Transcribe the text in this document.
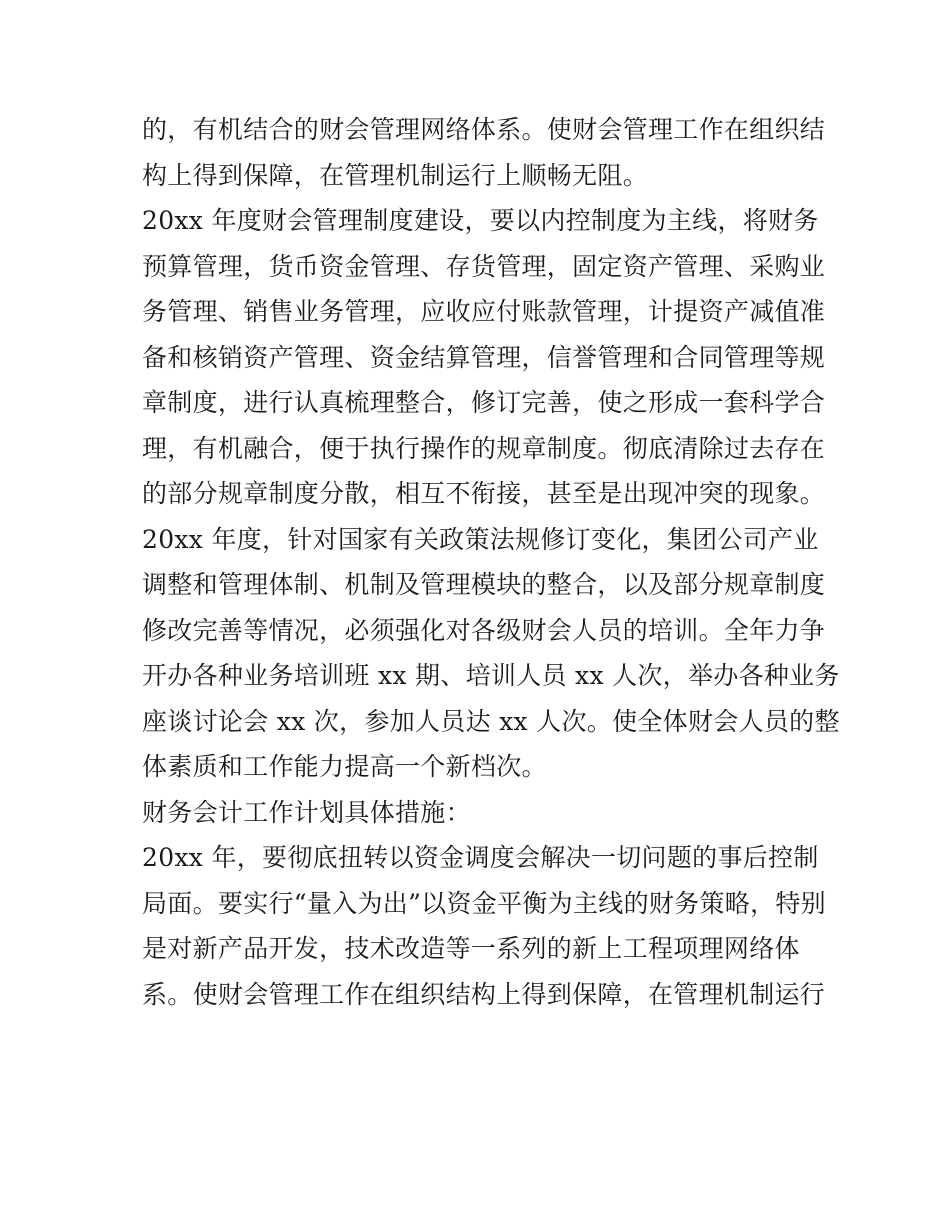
的，有机结合的财会管理网络体系。使财会管理工作在组织结
构上得到保障，在管理机制运行上顺畅无阻。
20xx 年度财会管理制度建设，要以内控制度为主线，将财务
预算管理，货币资金管理、存货管理，固定资产管理、采购业
务管理、销售业务管理，应收应付账款管理，计提资产减值准
备和核销资产管理、资金结算管理，信誉管理和合同管理等规
章制度，进行认真梳理整合，修订完善，使之形成一套科学合
理，有机融合，便于执行操作的规章制度。彻底清除过去存在
的部分规章制度分散，相互不衔接，甚至是出现冲突的现象。
20xx 年度，针对国家有关政策法规修订变化，集团公司产业
调整和管理体制、机制及管理模块的整合，以及部分规章制度
修改完善等情况，必须强化对各级财会人员的培训。全年力争
开办各种业务培训班 xx 期、培训人员 xx 人次，举办各种业务
座谈讨论会 xx 次，参加人员达 xx 人次。使全体财会人员的整
体素质和工作能力提高一个新档次。
财务会计工作计划具体措施：
20xx 年，要彻底扭转以资金调度会解决一切问题的事后控制
局面。要实行“量入为出”以资金平衡为主线的财务策略，特别
是对新产品开发，技术改造等一系列的新上工程项理网络体
系。使财会管理工作在组织结构上得到保障，在管理机制运行
